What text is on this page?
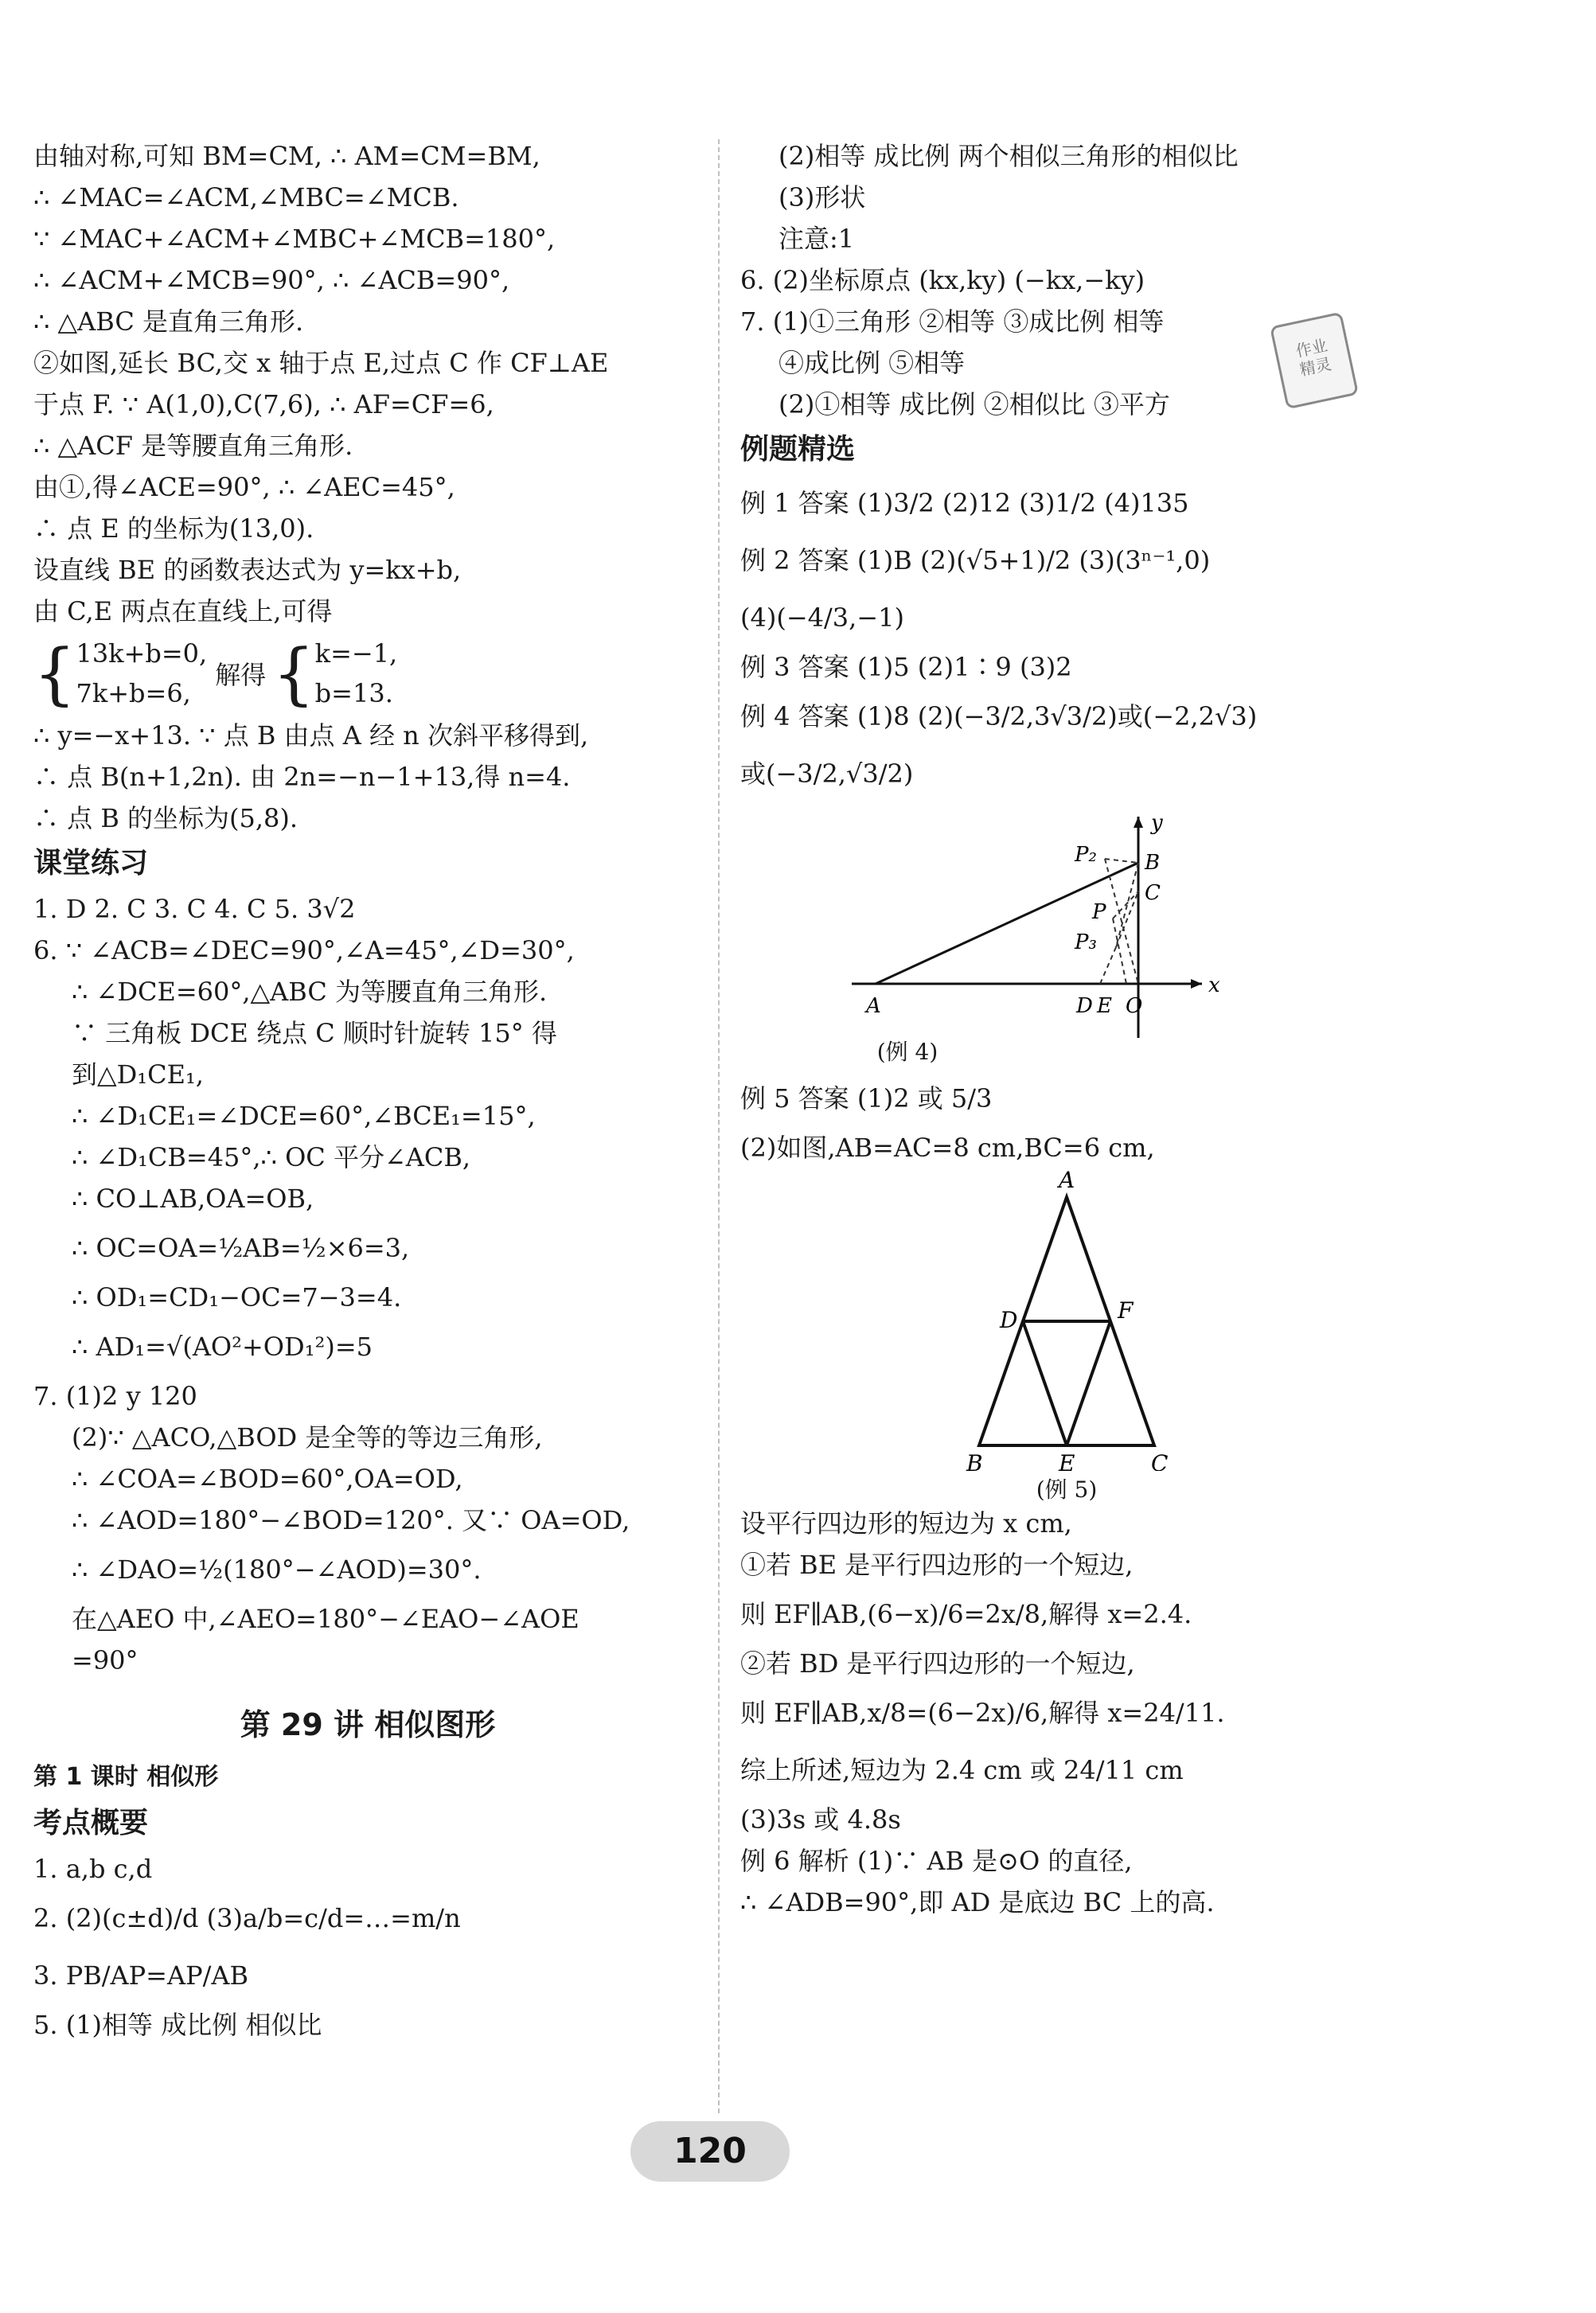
由轴对称,可知 BM=CM, ∴ AM=CM=BM,
∴ ∠MAC=∠ACM,∠MBC=∠MCB.
∵ ∠MAC+∠ACM+∠MBC+∠MCB=180°,
∴ ∠ACM+∠MCB=90°, ∴ ∠ACB=90°,
∴ △ABC 是直角三角形.
②如图,延长 BC,交 x 轴于点 E,过点 C 作 CF⊥AE
于点 F. ∵ A(1,0),C(7,6), ∴ AF=CF=6,
∴ △ACF 是等腰直角三角形.
由①,得∠ACE=90°, ∴ ∠AEC=45°,
∴ 点 E 的坐标为(13,0).
设直线 BE 的函数表达式为 y=kx+b,
由 C,E 两点在直线上,可得
{ 13k+b=0,
7k+b=6,
解得 { k=−1,
b=13.
∴ y=−x+13. ∵ 点 B 由点 A 经 n 次斜平移得到,
∴ 点 B(n+1,2n). 由 2n=−n−1+13,得 n=4.
∴ 点 B 的坐标为(5,8).
课堂练习
1. D 2. C 3. C 4. C 5. 3√2
6. ∵ ∠ACB=∠DEC=90°,∠A=45°,∠D=30°,
∴ ∠DCE=60°,△ABC 为等腰直角三角形.
∵ 三角板 DCE 绕点 C 顺时针旋转 15° 得
到△D₁CE₁,
∴ ∠D₁CE₁=∠DCE=60°,∠BCE₁=15°,
∴ ∠D₁CB=45°,∴ OC 平分∠ACB,
∴ CO⊥AB,OA=OB,
∴ OC=OA=½AB=½×6=3,
∴ OD₁=CD₁−OC=7−3=4.
∴ AD₁=√(AO²+OD₁²)=5
7. (1)2 y 120
(2)∵ △ACO,△BOD 是全等的等边三角形,
∴ ∠COA=∠BOD=60°,OA=OD,
∴ ∠AOD=180°−∠BOD=120°. 又∵ OA=OD,
∴ ∠DAO=½(180°−∠AOD)=30°.
在△AEO 中,∠AEO=180°−∠EAO−∠AOE
=90°
第 29 讲 相似图形
第 1 课时 相似形
考点概要
1. a,b c,d
2. (2)(c±d)/d (3)a/b=c/d=…=m/n
3. PB/AP=AP/AB
5. (1)相等 成比例 相似比
(2)相等 成比例 两个相似三角形的相似比
(3)形状
注意:1
6. (2)坐标原点 (kx,ky) (−kx,−ky)
7. (1)①三角形 ②相等 ③成比例 相等
④成比例 ⑤相等
(2)①相等 成比例 ②相似比 ③平方
例题精选
例 1 答案 (1)3/2 (2)12 (3)1/2 (4)135
例 2 答案 (1)B (2)(√5+1)/2 (3)(3ⁿ⁻¹,0)
(4)(−4/3,−1)
例 3 答案 (1)5 (2)1∶9 (3)2
例 4 答案 (1)8 (2)(−3/2,3√3/2)或(−2,2√3)
或(−3/2,√3/2)
y
x
B
C
P₂
P
P₃
A	D E O
(例 4)
例 5 答案 (1)2 或 5/3
(2)如图,AB=AC=8 cm,BC=6 cm,
A
D	F
B	E	C
(例 5)
设平行四边形的短边为 x cm,
①若 BE 是平行四边形的一个短边,
则 EF∥AB,(6−x)/6=2x/8,解得 x=2.4.
②若 BD 是平行四边形的一个短边,
则 EF∥AB,x/8=(6−2x)/6,解得 x=24/11.
综上所述,短边为 2.4 cm 或 24/11 cm
(3)3s 或 4.8s
例 6 解析 (1)∵ AB 是⊙O 的直径,
∴ ∠ADB=90°,即 AD 是底边 BC 上的高.
作业
精灵
120
